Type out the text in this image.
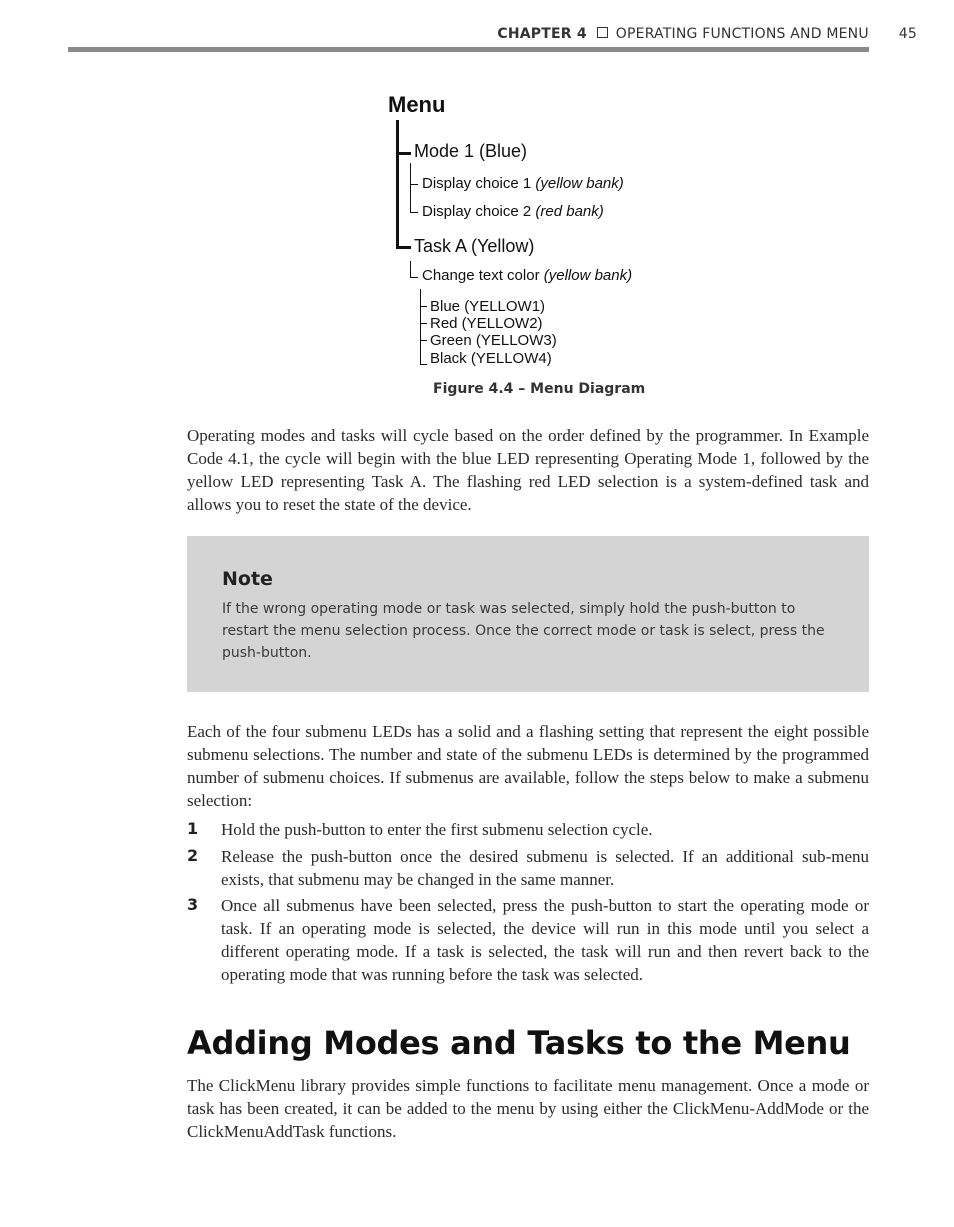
CHAPTER 4 OPERATING FUNCTIONS AND MENU 45
Menu
Mode 1 (Blue)
Display choice 1 (yellow bank)
Display choice 2 (red bank)
Task A (Yellow)
Change text color (yellow bank)
Blue (YELLOW1)
Red (YELLOW2)
Green (YELLOW3)
Black (YELLOW4)
Figure 4.4 – Menu Diagram
Operating modes and tasks will cycle based on the order defined by the programmer. In Example Code 4.1, the cycle will begin with the blue LED representing Operating Mode 1, followed by the yellow LED representing Task A. The flashing red LED selection is a system-defined task and allows you to reset the state of the device.
Note
If the wrong operating mode or task was selected, simply hold the push-button to restart the menu selection process. Once the correct mode or task is select, press the push-button.
Each of the four submenu LEDs has a solid and a flashing setting that represent the eight possible submenu selections. The number and state of the submenu LEDs is determined by the programmed number of submenu choices. If submenus are available, follow the steps below to make a submenu selection:
1 Hold the push-button to enter the first submenu selection cycle.
2 Release the push-button once the desired submenu is selected. If an additional sub-menu exists, that submenu may be changed in the same manner.
3 Once all submenus have been selected, press the push-button to start the operating mode or task. If an operating mode is selected, the device will run in this mode until you select a different operating mode. If a task is selected, the task will run and then revert back to the operating mode that was running before the task was selected.
Adding Modes and Tasks to the Menu
The ClickMenu library provides simple functions to facilitate menu management. Once a mode or task has been created, it can be added to the menu by using either the ClickMenu-AddMode or the ClickMenuAddTask functions.
